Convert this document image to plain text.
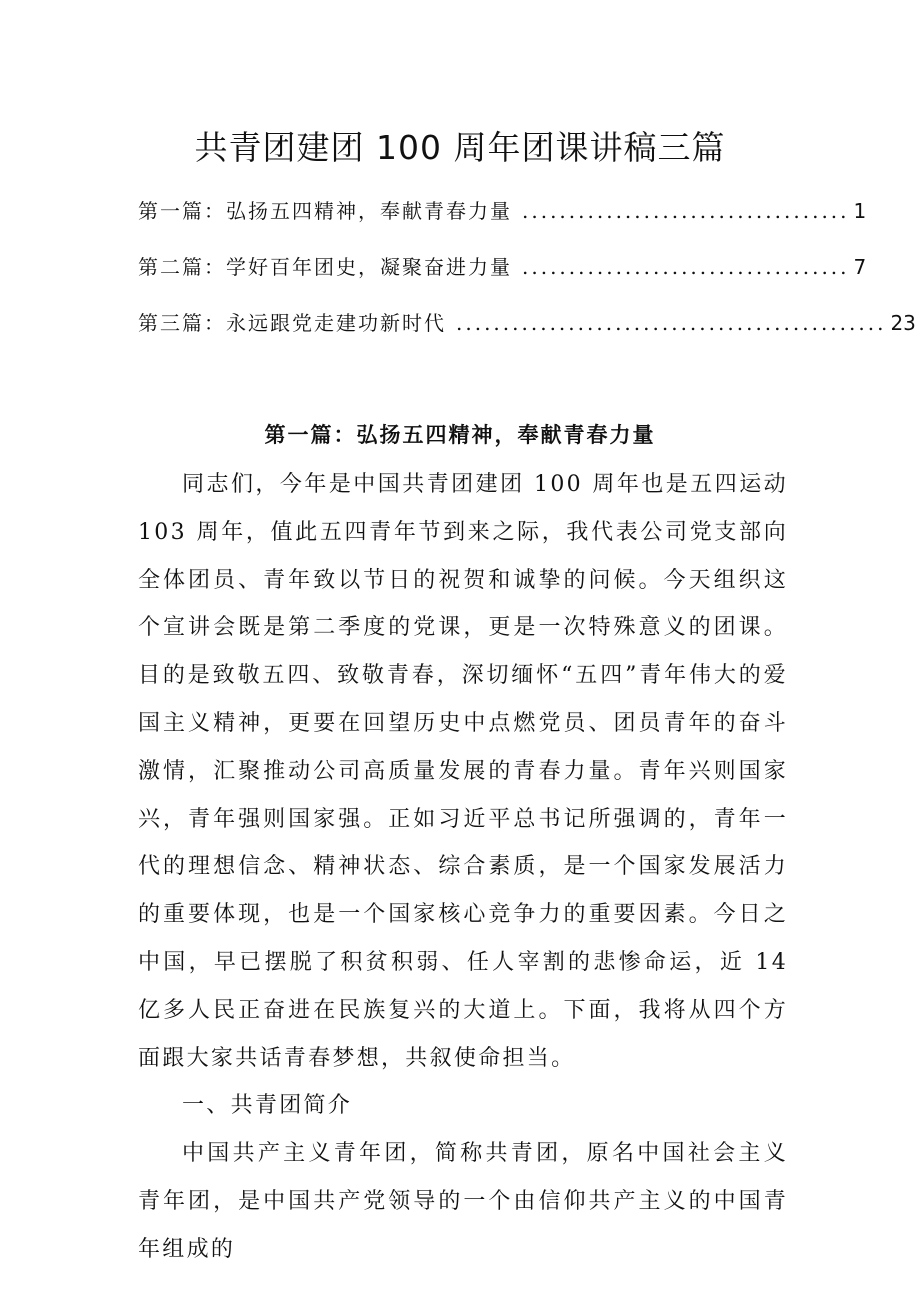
共青团建团 100 周年团课讲稿三篇
第一篇：弘扬五四精神，奉献青春力量 ................................... 1
第二篇：学好百年团史，凝聚奋进力量 ................................... 7
第三篇：永远跟党走建功新时代 .............................................. 23
第一篇：弘扬五四精神，奉献青春力量

同志们，今年是中国共青团建团 100 周年也是五四运动 103 周年，值此五四青年节到来之际，我代表公司党支部向全体团员、青年致以节日的祝贺和诚挚的问候。今天组织这个宣讲会既是第二季度的党课，更是一次特殊意义的团课。目的是致敬五四、致敬青春，深切缅怀“五四”青年伟大的爱国主义精神，更要在回望历史中点燃党员、团员青年的奋斗激情，汇聚推动公司高质量发展的青春力量。青年兴则国家兴，青年强则国家强。正如习近平总书记所强调的，青年一代的理想信念、精神状态、综合素质，是一个国家发展活力的重要体现，也是一个国家核心竞争力的重要因素。今日之中国，早已摆脱了积贫积弱、任人宰割的悲惨命运，近 14 亿多人民正奋进在民族复兴的大道上。下面，我将从四个方面跟大家共话青春梦想，共叙使命担当。

一、共青团简介

中国共产主义青年团，简称共青团，原名中国社会主义青年团，是中国共产党领导的一个由信仰共产主义的中国青年组成的
